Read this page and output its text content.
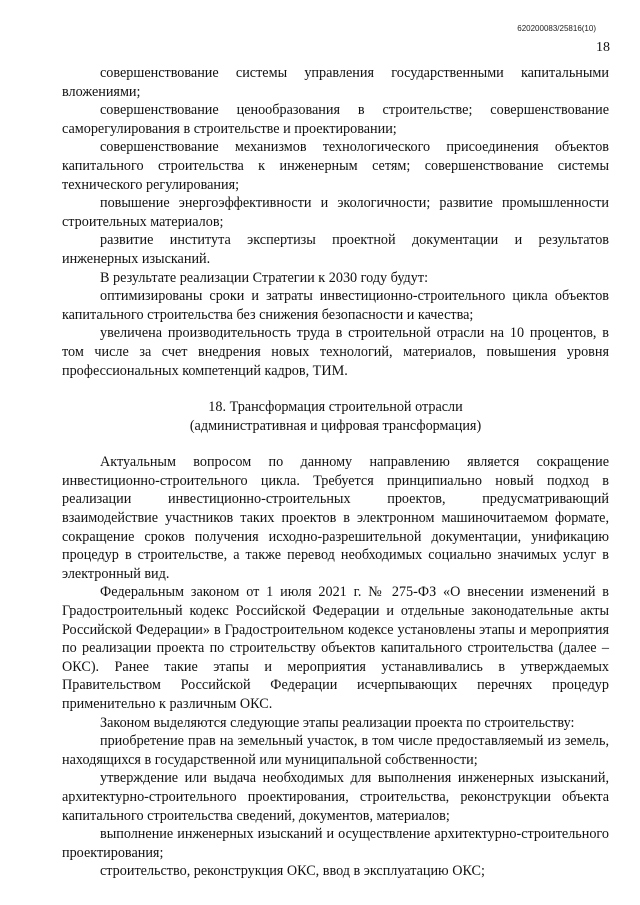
620200083/25816(10)
18

совершенствование системы управления государственными капитальными вложениями;

совершенствование ценообразования в строительстве; совершенствование саморегулирования в строительстве и проектировании;

совершенствование механизмов технологического присоединения объектов капитального строительства к инженерным сетям; совершенствование системы технического регулирования;

повышение энергоэффективности и экологичности; развитие промышленности строительных материалов;

развитие института экспертизы проектной документации и результатов инженерных изысканий.

В результате реализации Стратегии к 2030 году будут:

оптимизированы сроки и затраты инвестиционно-строительного цикла объектов капитального строительства без снижения безопасности и качества;

увеличена производительность труда в строительной отрасли на 10 процентов, в том числе за счет внедрения новых технологий, материалов, повышения уровня профессиональных компетенций кадров, ТИМ.

18. Трансформация строительной отрасли
(административная и цифровая трансформация)

Актуальным вопросом по данному направлению является сокращение инвестиционно-строительного цикла. Требуется принципиально новый подход в реализации инвестиционно-строительных проектов, предусматривающий взаимодействие участников таких проектов в электронном машиночитаемом формате, сокращение сроков получения исходно-разрешительной документации, унификацию процедур в строительстве, а также перевод необходимых социально значимых услуг в электронный вид.

Федеральным законом от 1 июля 2021 г. № 275-ФЗ «О внесении изменений в Градостроительный кодекс Российской Федерации и отдельные законодательные акты Российской Федерации» в Градостроительном кодексе установлены этапы и мероприятия по реализации проекта по строительству объектов капитального строительства (далее – ОКС). Ранее такие этапы и мероприятия устанавливались в утверждаемых Правительством Российской Федерации исчерпывающих перечнях процедур применительно к различным ОКС.

Законом выделяются следующие этапы реализации проекта по строительству:

приобретение прав на земельный участок, в том числе предоставляемый из земель, находящихся в государственной или муниципальной собственности;

утверждение или выдача необходимых для выполнения инженерных изысканий, архитектурно-строительного проектирования, строительства, реконструкции объекта капитального строительства сведений, документов, материалов;

выполнение инженерных изысканий и осуществление архитектурно-строительного проектирования;

строительство, реконструкция ОКС, ввод в эксплуатацию ОКС;
